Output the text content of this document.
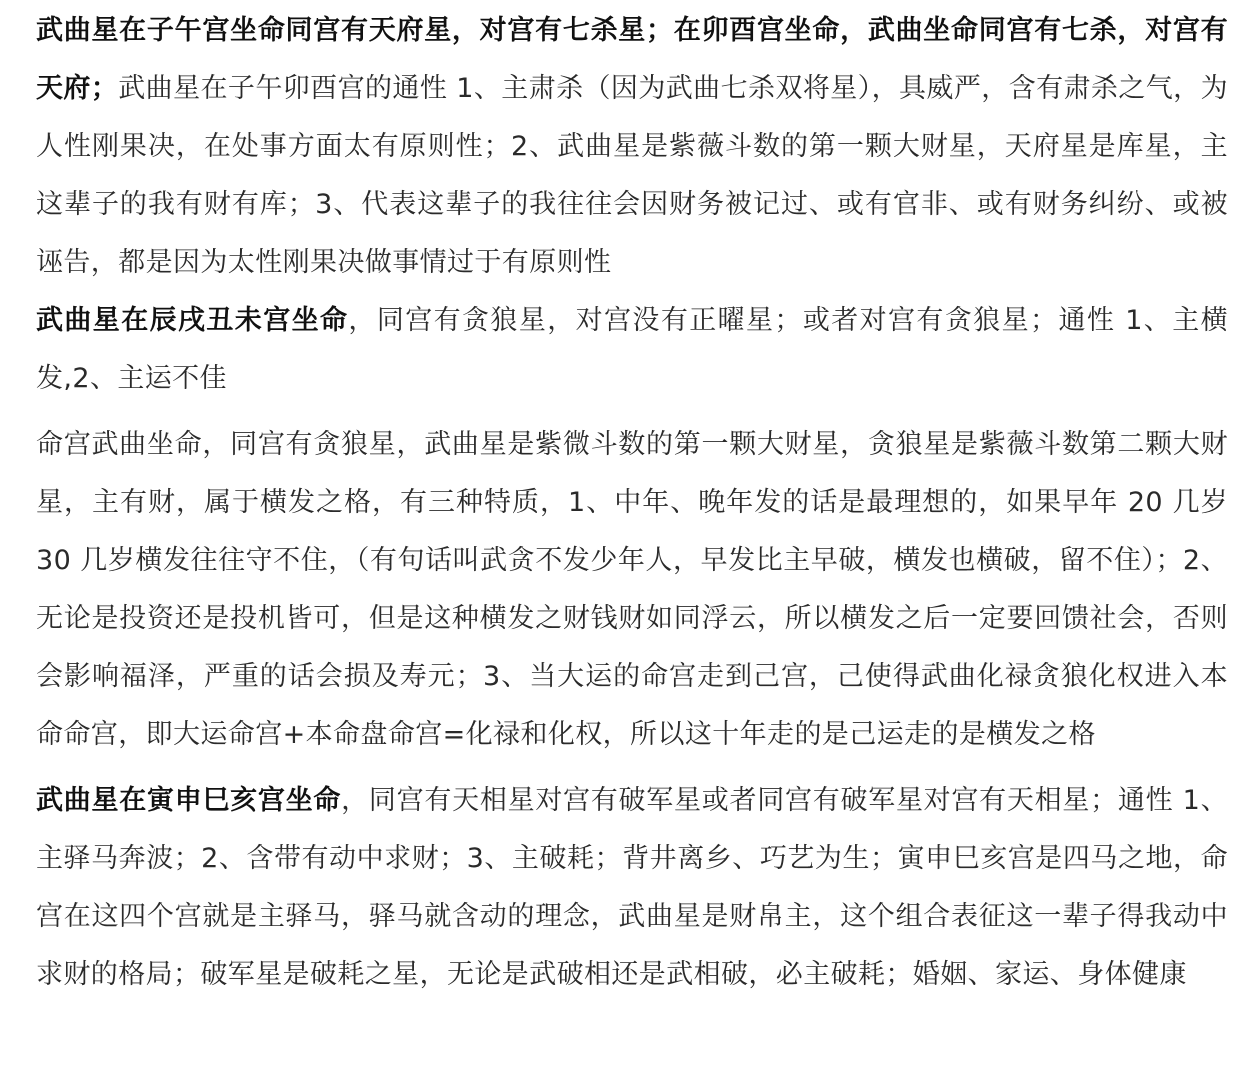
武曲星在子午宫坐命同宫有天府星，对宫有七杀星；在卯酉宫坐命，武曲坐命同宫有七杀，对宫有天府；武曲星在子午卯酉宫的通性 1、主肃杀（因为武曲七杀双将星），具威严，含有肃杀之气，为人性刚果决，在处事方面太有原则性；2、武曲星是紫薇斗数的第一颗大财星，天府星是库星，主这辈子的我有财有库；3、代表这辈子的我往往会因财务被记过、或有官非、或有财务纠纷、或被诬告，都是因为太性刚果决做事情过于有原则性

武曲星在辰戌丑未宫坐命，同宫有贪狼星，对宫没有正曜星；或者对宫有贪狼星；通性 1、主横发,2、主运不佳

命宫武曲坐命，同宫有贪狼星，武曲星是紫微斗数的第一颗大财星，贪狼星是紫薇斗数第二颗大财星，主有财，属于横发之格，有三种特质，1、中年、晚年发的话是最理想的，如果早年 20 几岁 30 几岁横发往往守不住，（有句话叫武贪不发少年人，早发比主早破，横发也横破，留不住）；2、无论是投资还是投机皆可，但是这种横发之财钱财如同浮云，所以横发之后一定要回馈社会，否则会影响福泽，严重的话会损及寿元；3、当大运的命宫走到己宫，己使得武曲化禄贪狼化权进入本命命宫，即大运命宫+本命盘命宫=化禄和化权，所以这十年走的是己运走的是横发之格

武曲星在寅申巳亥宫坐命，同宫有天相星对宫有破军星或者同宫有破军星对宫有天相星；通性 1、主驿马奔波；2、含带有动中求财；3、主破耗；背井离乡、巧艺为生；寅申巳亥宫是四马之地，命宫在这四个宫就是主驿马，驿马就含动的理念，武曲星是财帛主，这个组合表征这一辈子得我动中求财的格局；破军星是破耗之星，无论是武破相还是武相破，必主破耗；婚姻、家运、身体健康
